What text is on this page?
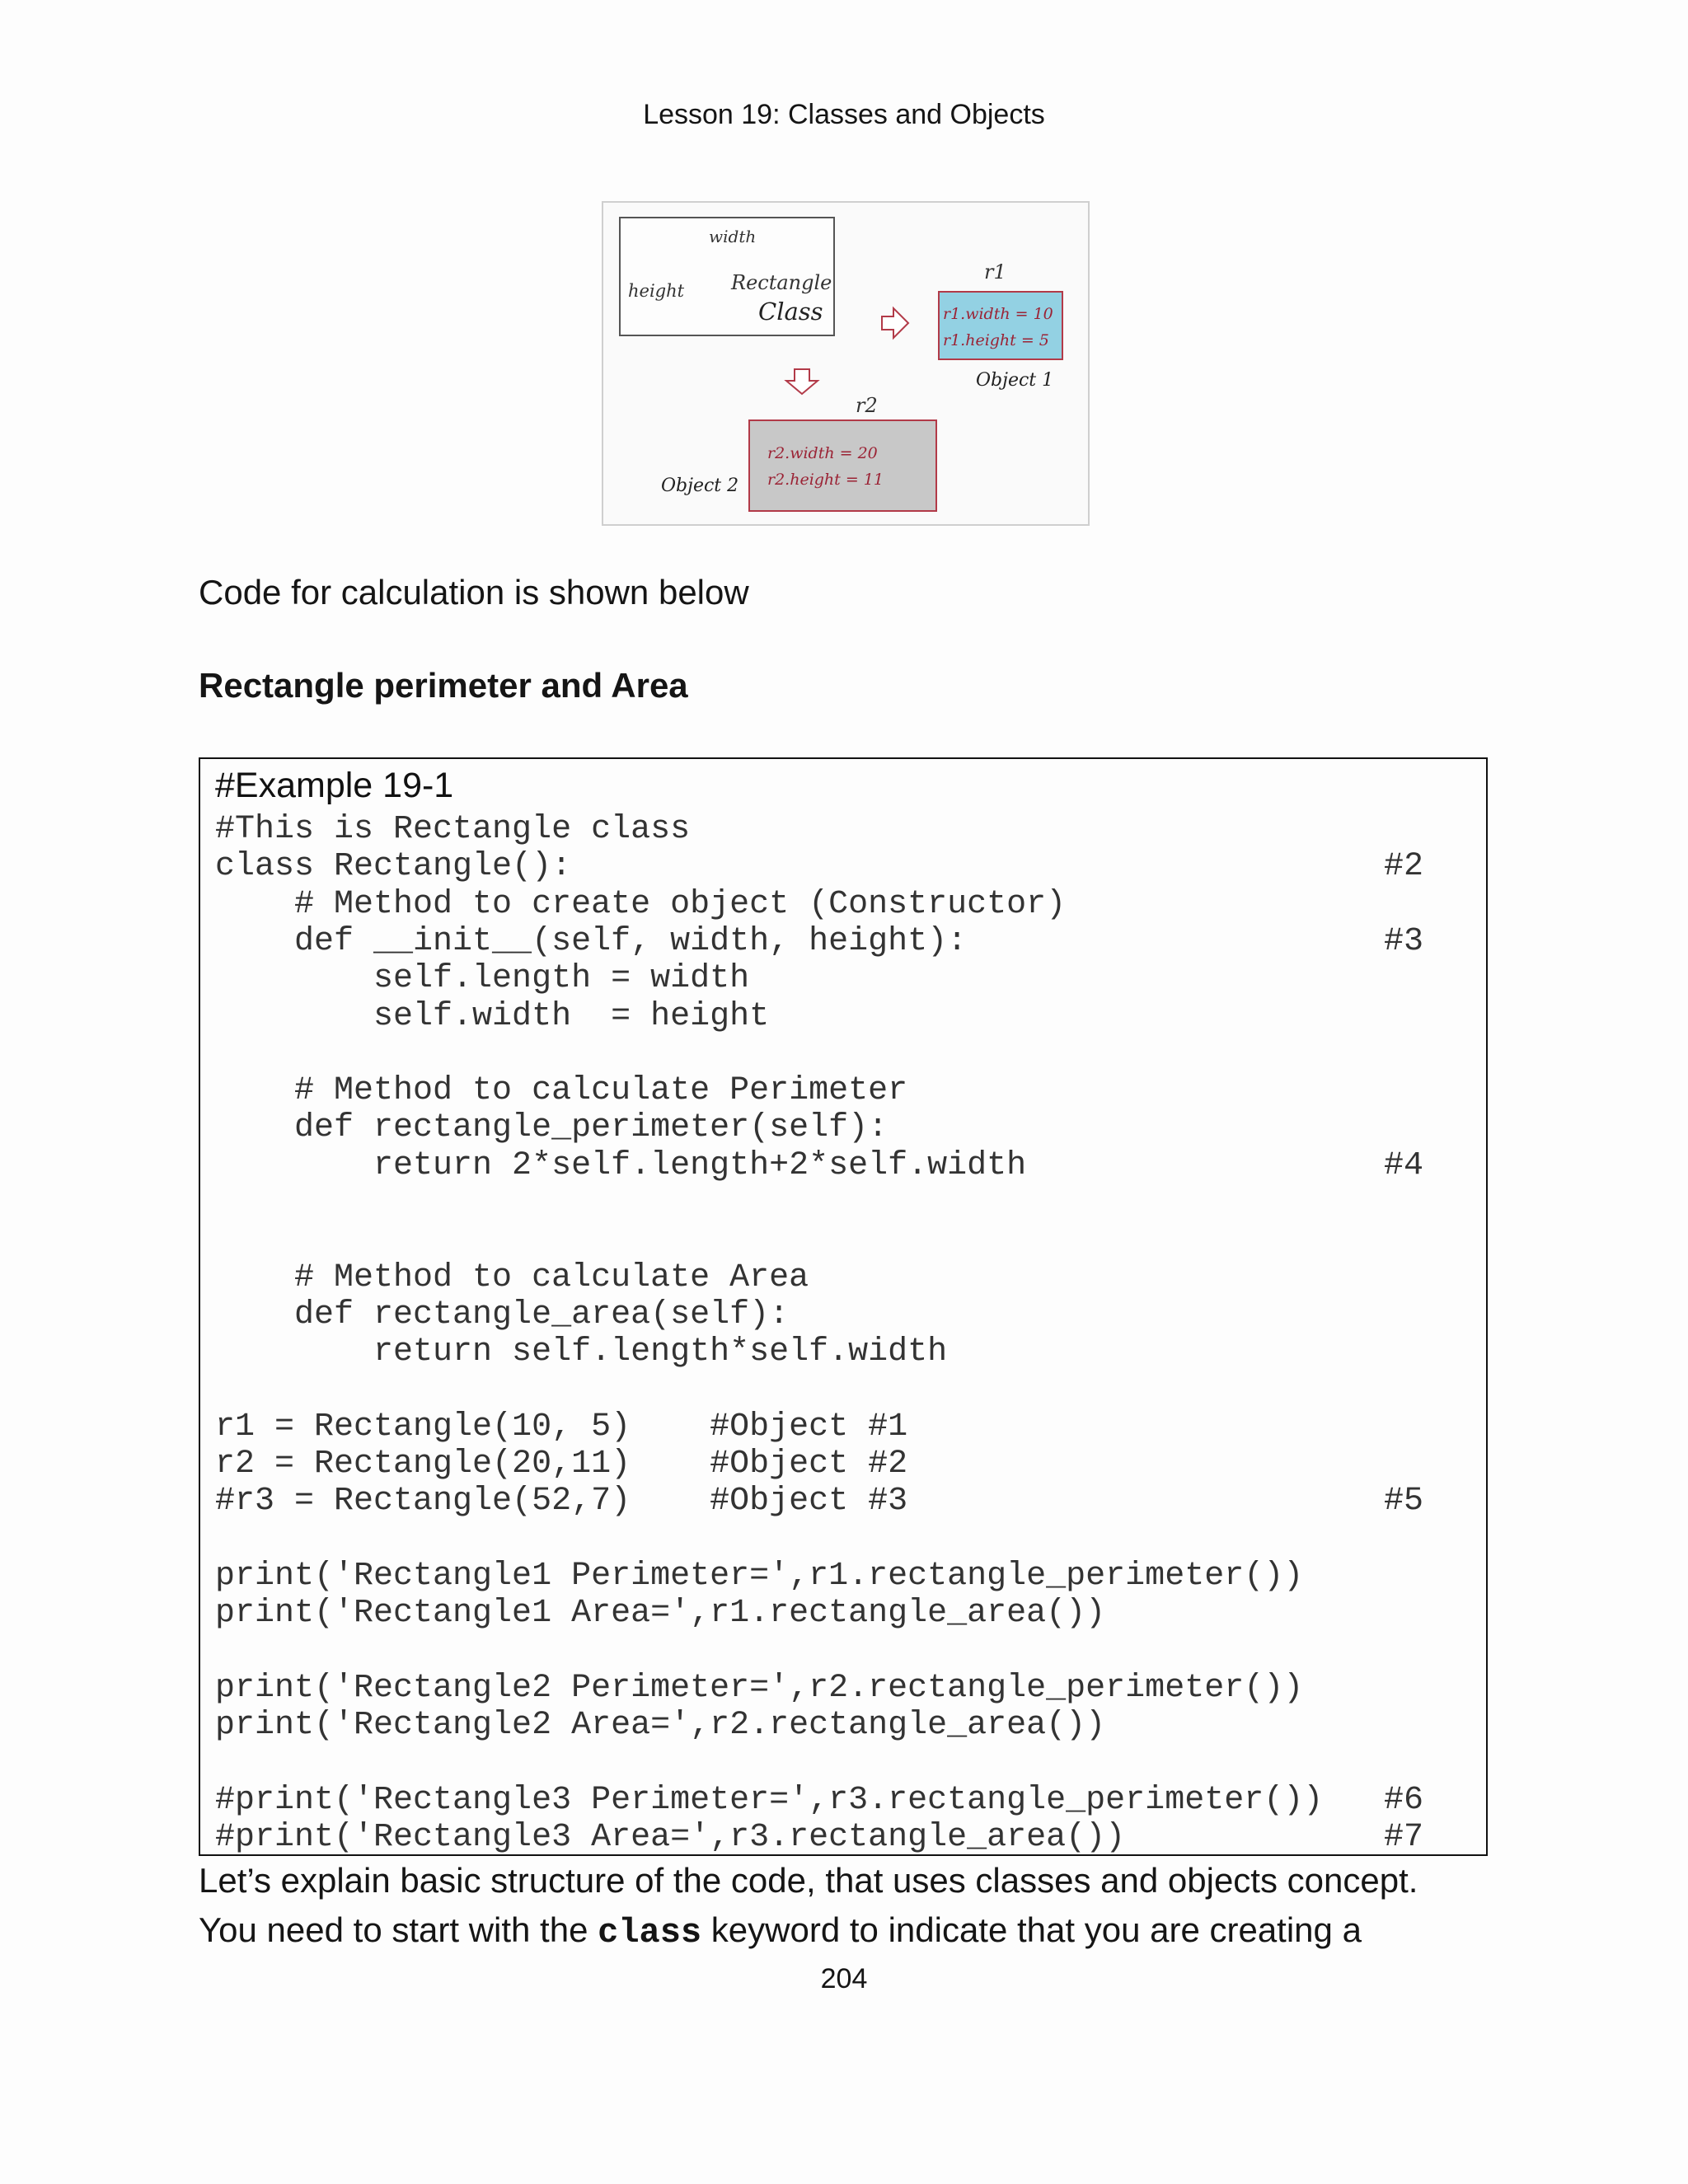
Lesson 19: Classes and Objects
width
height Rectangle
Class
r1
r1.width = 10
r1.height = 5
Object 1
r2
r2.width = 20
r2.height = 11
Object 2
Code for calculation is shown below
Rectangle perimeter and Area
#Example 19-1
#This is Rectangle class
class Rectangle():	#2
# Method to create object (Constructor)
def __init__(self, width, height):	#3
self.length = width
self.width  = height
# Method to calculate Perimeter
def rectangle_perimeter(self):
return 2*self.length+2*self.width	#4
# Method to calculate Area
def rectangle_area(self):
return self.length*self.width
r1 = Rectangle(10, 5)    #Object #1
r2 = Rectangle(20,11)    #Object #2
#r3 = Rectangle(52,7)    #Object #3	#5
print('Rectangle1 Perimeter=',r1.rectangle_perimeter())
print('Rectangle1 Area=',r1.rectangle_area())
print('Rectangle2 Perimeter=',r2.rectangle_perimeter())
print('Rectangle2 Area=',r2.rectangle_area())
#print('Rectangle3 Perimeter=',r3.rectangle_perimeter()) #6
#print('Rectangle3 Area=',r3.rectangle_area())	#7
Let’s explain basic structure of the code, that uses classes and objects concept.
You need to start with the class keyword to indicate that you are creating a
204
